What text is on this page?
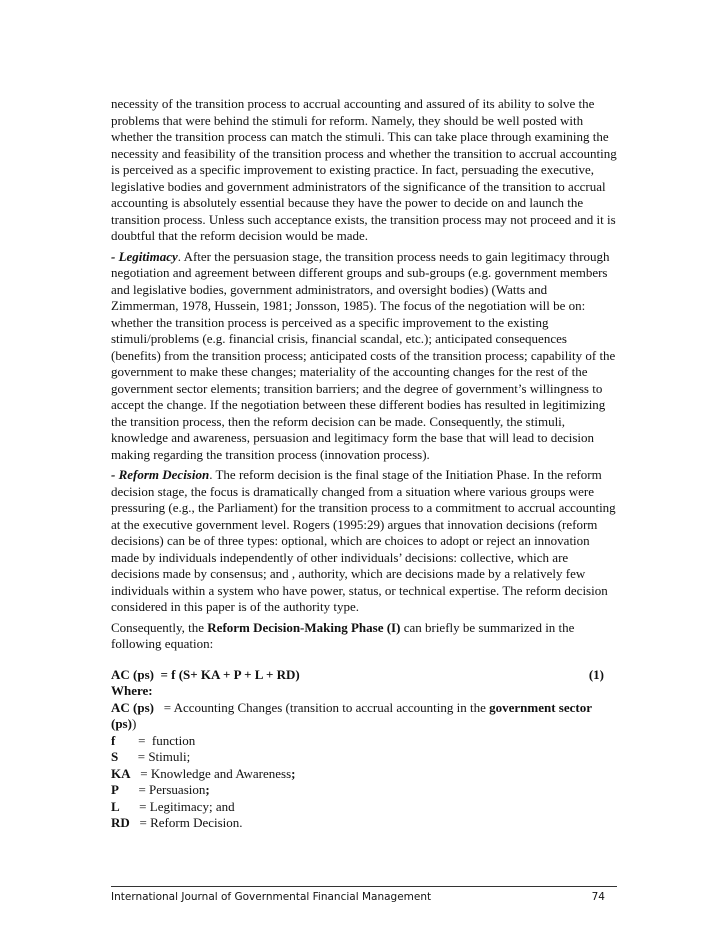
necessity of the transition process to accrual accounting and assured of its ability to solve the problems that were behind the stimuli for reform. Namely, they should be well posted with whether the transition process can match the stimuli. This can take place through examining the necessity and feasibility of the transition process and whether the transition to accrual accounting is perceived as a specific improvement to existing practice. In fact, persuading the executive, legislative bodies and government administrators of the significance of the transition to accrual accounting is absolutely essential because they have the power to decide on and launch the transition process. Unless such acceptance exists, the transition process may not proceed and it is doubtful that the reform decision would be made.

- Legitimacy. After the persuasion stage, the transition process needs to gain legitimacy through negotiation and agreement between different groups and sub-groups (e.g. government members and legislative bodies, government administrators, and oversight bodies) (Watts and Zimmerman, 1978, Hussein, 1981; Jonsson, 1985). The focus of the negotiation will be on: whether the transition process is perceived as a specific improvement to the existing stimuli/problems (e.g. financial crisis, financial scandal, etc.); anticipated consequences (benefits) from the transition process; anticipated costs of the transition process; capability of the government to make these changes; materiality of the accounting changes for the rest of the government sector elements; transition barriers; and the degree of government’s willingness to accept the change. If the negotiation between these different bodies has resulted in legitimizing the transition process, then the reform decision can be made. Consequently, the stimuli, knowledge and awareness, persuasion and legitimacy form the base that will lead to decision making regarding the transition process (innovation process).

- Reform Decision. The reform decision is the final stage of the Initiation Phase. In the reform decision stage, the focus is dramatically changed from a situation where various groups were pressuring (e.g., the Parliament) for the transition process to a commitment to accrual accounting at the executive government level. Rogers (1995:29) argues that innovation decisions (reform decisions) can be of three types: optional, which are choices to adopt or reject an innovation made by individuals independently of other individuals’ decisions: collective, which are decisions made by consensus; and , authority, which are decisions made by a relatively few individuals within a system who have power, status, or technical expertise. The reform decision considered in this paper is of the authority type.

Consequently, the Reform Decision-Making Phase (I) can briefly be summarized in the following equation:

AC (ps)  = f (S+ KA + P + L + RD)	(1)
Where:
AC (ps)   = Accounting Changes (transition to accrual accounting in the government sector
(ps))
f       =  function
S      = Stimuli;
KA   = Knowledge and Awareness;
P      = Persuasion;
L      = Legitimacy; and
RD   = Reform Decision.
International Journal of Governmental Financial Management	74
